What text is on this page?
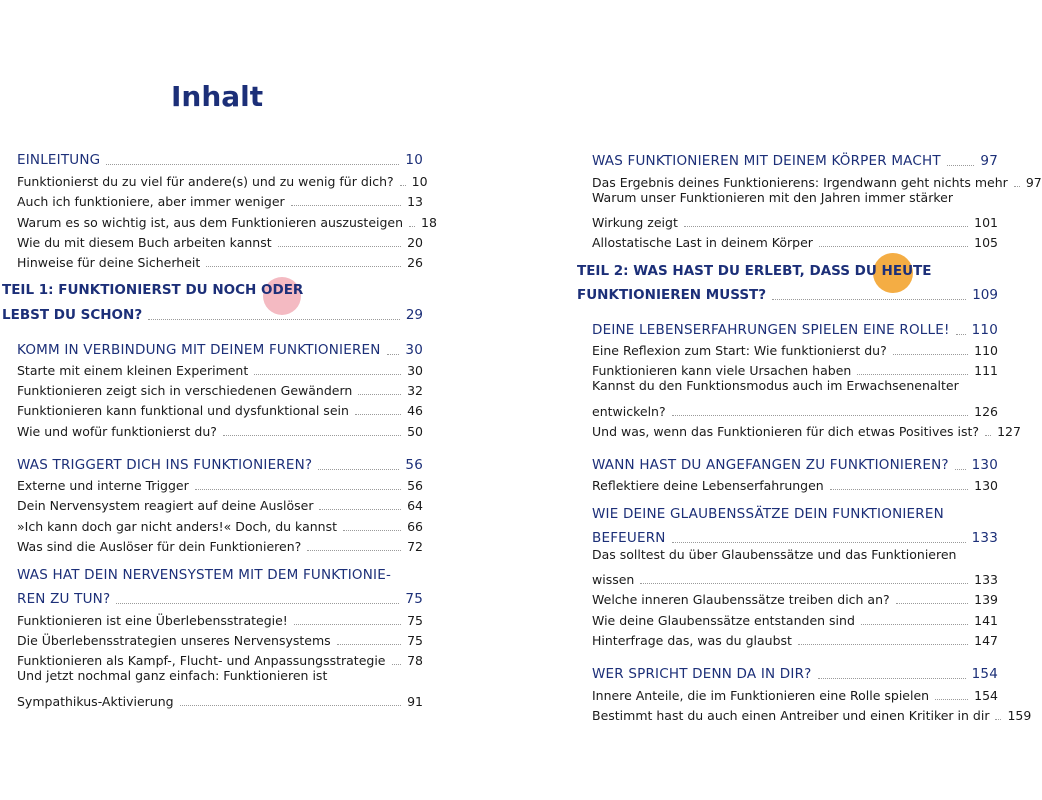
Inhalt
EINLEITUNG	10
Funktionierst du zu viel für andere(s) und zu wenig für dich? 10
Auch ich funktioniere, aber immer weniger	13
Warum es so wichtig ist, aus dem Funktionieren auszusteigen 18
Wie du mit diesem Buch arbeiten kannst	20
Hinweise für deine Sicherheit	26
TEIL 1: FUNKTIONIERST DU NOCH ODER
LEBST DU SCHON?	29
KOMM IN VERBINDUNG MIT DEINEM FUNKTIONIEREN 30
Starte mit einem kleinen Experiment	30
Funktionieren zeigt sich in verschiedenen Gewändern	32
Funktionieren kann funktional und dysfunktional sein	46
Wie und wofür funktionierst du?	50
WAS TRIGGERT DICH INS FUNKTIONIEREN?	56
Externe und interne Trigger	56
Dein Nervensystem reagiert auf deine Auslöser	64
»Ich kann doch gar nicht anders!« Doch, du kannst	66
Was sind die Auslöser für dein Funktionieren?	72
WAS HAT DEIN NERVENSYSTEM MIT DEM FUNKTIONIE-
REN ZU TUN?	75
Funktionieren ist eine Überlebensstrategie!	75
Die Überlebensstrategien unseres Nervensystems	75
Funktionieren als Kampf-, Flucht- und Anpassungsstrategie 78
Und jetzt nochmal ganz einfach: Funktionieren ist
Sympathikus-Aktivierung	91
WAS FUNKTIONIEREN MIT DEINEM KÖRPER MACHT	97
Das Ergebnis deines Funktionierens: Irgendwann geht nichts mehr 97
Warum unser Funktionieren mit den Jahren immer stärker
Wirkung zeigt	101
Allostatische Last in deinem Körper	105
TEIL 2: WAS HAST DU ERLEBT, DASS DU HEUTE
FUNKTIONIEREN MUSST?	109
DEINE LEBENSERFAHRUNGEN SPIELEN EINE ROLLE! 110
Eine Reflexion zum Start: Wie funktionierst du?	110
Funktionieren kann viele Ursachen haben	111
Kannst du den Funktionsmodus auch im Erwachsenenalter
entwickeln?	126
Und was, wenn das Funktionieren für dich etwas Positives ist? 127
WANN HAST DU ANGEFANGEN ZU FUNKTIONIEREN? 130
Reflektiere deine Lebenserfahrungen	130
WIE DEINE GLAUBENSSÄTZE DEIN FUNKTIONIEREN
BEFEUERN	133
Das solltest du über Glaubenssätze und das Funktionieren
wissen	133
Welche inneren Glaubenssätze treiben dich an?	139
Wie deine Glaubenssätze entstanden sind	141
Hinterfrage das, was du glaubst	147
WER SPRICHT DENN DA IN DIR?	154
Innere Anteile, die im Funktionieren eine Rolle spielen	154
Bestimmt hast du auch einen Antreiber und einen Kritiker in dir 159
